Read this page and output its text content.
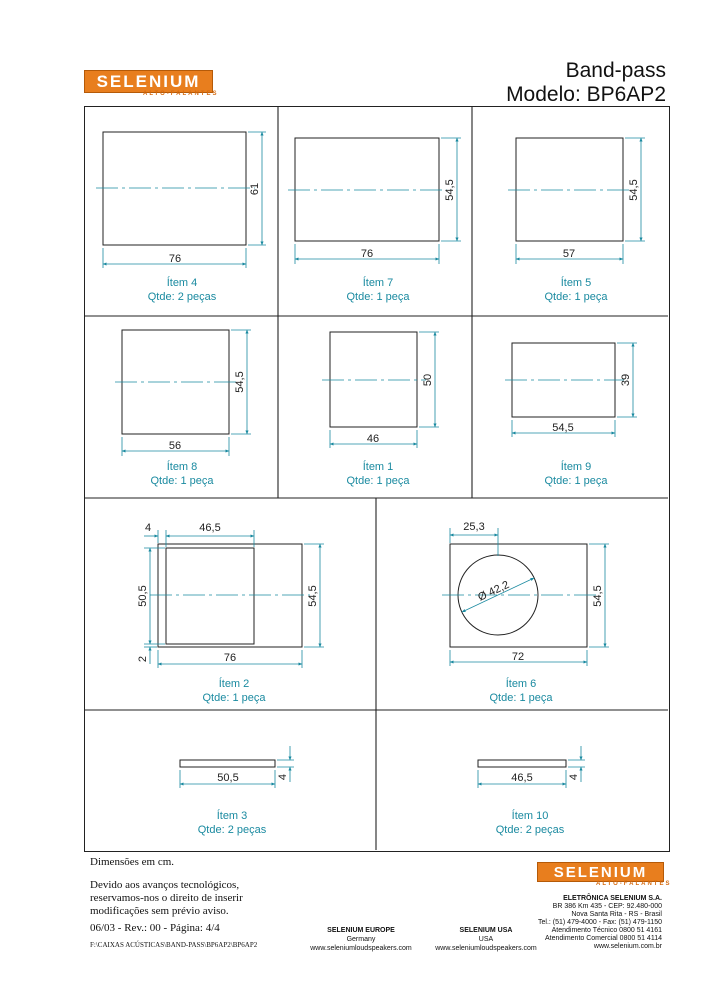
SELENIUM
ALTO-FALANTES
Band-pass
Modelo: BP6AP2
76
61
76
54,5
57
54,5
56
54,5
46
50
54,5
39
4	46,5
50,5
2	76
54,5
25,3
Ø 42,2
72
54,5
50,5	4	46,5	4
Ítem 4
Qtde: 2 peças
Ítem 7
Qtde: 1 peça
Ítem 5
Qtde: 1 peça
Ítem 8
Qtde: 1 peça
Ítem 1
Qtde: 1 peça
Ítem 9
Qtde: 1 peça
Ítem 2
Qtde: 1 peça
Ítem 6
Qtde: 1 peça
Ítem 3
Qtde: 2 peças
Ítem 10
Qtde: 2 peças
Dimensões em cm.
Devido aos avanços tecnológicos,
reservamos-nos o direito de inserir
modificações sem prévio aviso.
06/03 - Rev.: 00 - Página: 4/4
F:\CAIXAS ACÚSTICAS\BAND-PASS\BP6AP2\BP6AP2
SELENIUM EUROPE
Germany
www.seleniumloudspeakers.com
SELENIUM USA
USA
www.seleniumloudspeakers.com
SELENIUM
ALTO-FALANTES
ELETRÔNICA SELENIUM S.A.
BR 386 Km 435 - CEP: 92.480-000
Nova Santa Rita - RS - Brasil
Tel.: (51) 479-4000 - Fax: (51) 479-1150
Atendimento Técnico 0800 51 4161
Atendimento Comercial 0800 51 4114
www.selenium.com.br
